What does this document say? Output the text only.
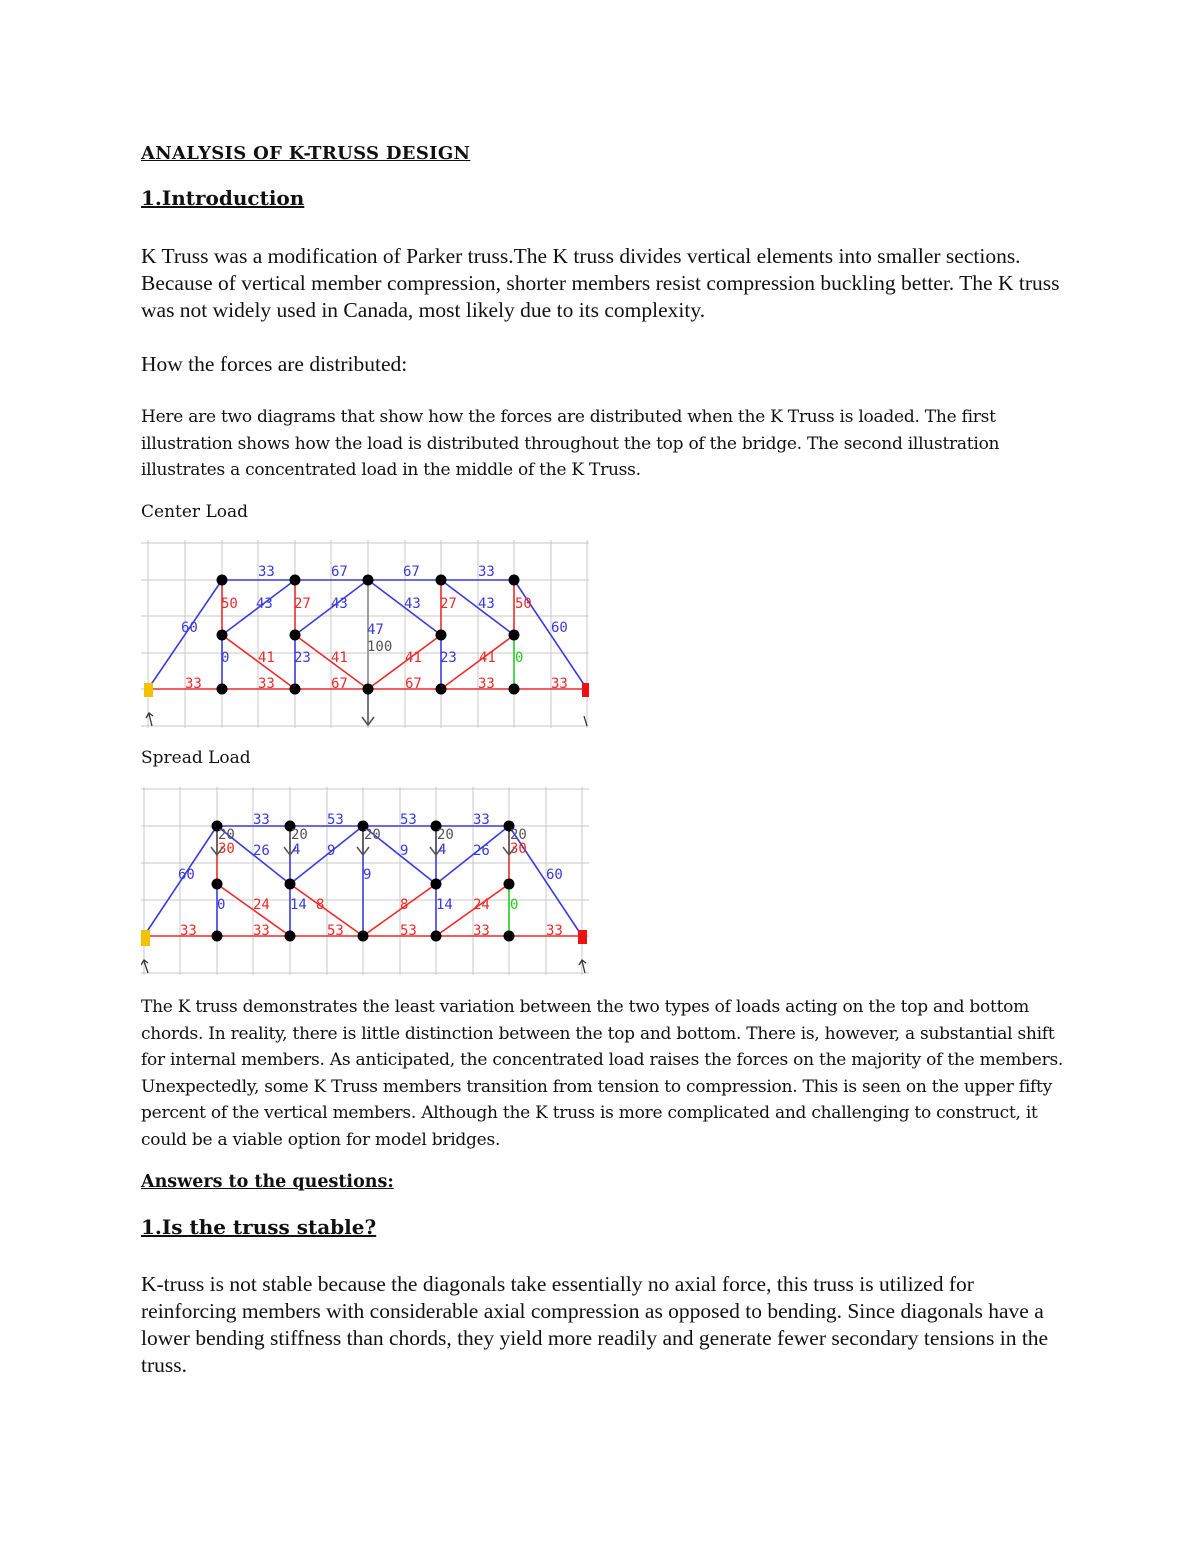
ANALYSIS OF K-TRUSS DESIGN
1.Introduction

K Truss was a modification of Parker truss.The K truss divides vertical elements into smaller sections. Because of vertical member compression, shorter members resist compression buckling better. The K truss was not widely used in Canada, most likely due to its complexity.

How the forces are distributed:

Here are two diagrams that show how the forces are distributed when the K Truss is loaded. The first illustration shows how the load is distributed throughout the top of the bridge. The second illustration illustrates a concentrated load in the middle of the K Truss.

Center Load

33	67	67	33
60	60
50 43 27 43	43 27 43 50
0 41 23 41
47
100
41 23 41 0
33	33	67	67	33	33

Spread Load

33	53	53	33
20	20	20	20	20
30 26 4 9	9 4 26 30
60	60
9
0 24 14 8	8 14 24 0
33	33	53	53	33	33

The K truss demonstrates the least variation between the two types of loads acting on the top and bottom chords. In reality, there is little distinction between the top and bottom. There is, however, a substantial shift for internal members. As anticipated, the concentrated load raises the forces on the majority of the members. Unexpectedly, some K Truss members transition from tension to compression. This is seen on the upper fifty percent of the vertical members. Although the K truss is more complicated and challenging to construct, it could be a viable option for model bridges.

Answers to the questions:
1.Is the truss stable?

K-truss is not stable because the diagonals take essentially no axial force, this truss is utilized for reinforcing members with considerable axial compression as opposed to bending. Since diagonals have a lower bending stiffness than chords, they yield more readily and generate fewer secondary tensions in the truss.
